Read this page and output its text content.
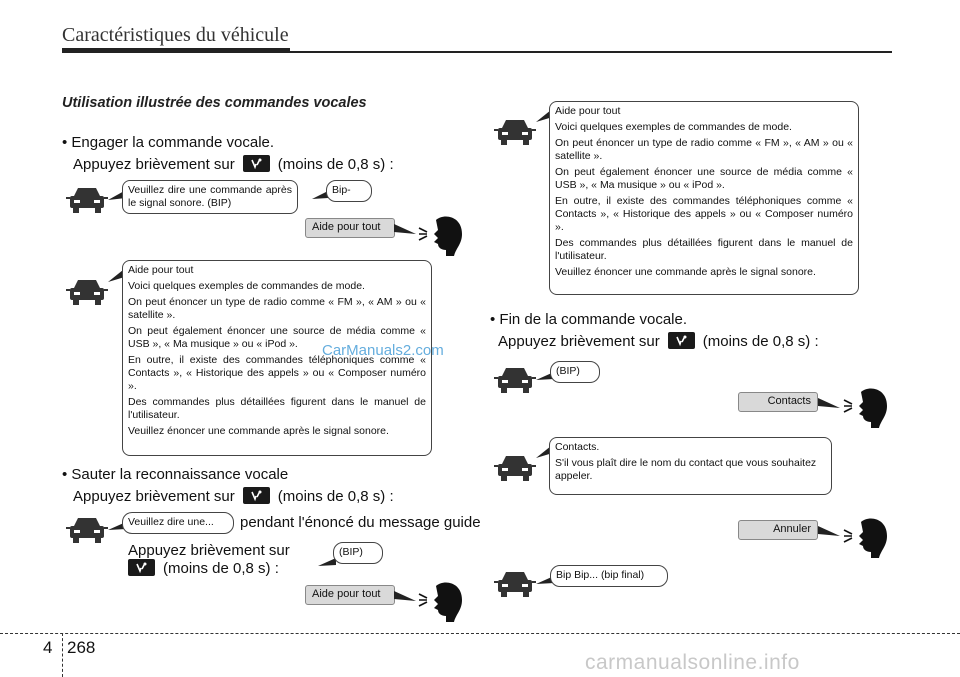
Caractéristiques du véhicule
Utilisation illustrée des commandes vocales
• Engager la commande vocale.
Appuyez brièvement sur	(moins de 0,8 s) :
Veuillez dire une commande après le signal sonore. (BIP)
Bip-
Aide pour tout

Aide pour tout

Voici quelques exemples de commandes de mode.

On peut énoncer un type de radio comme « FM », « AM » ou « satellite ».

On peut également énoncer une source de média comme « USB », « Ma musique » ou « iPod ».

En outre, il existe des commandes téléphoniques comme « Contacts », « Historique des appels » ou « Composer numéro ».

Des commandes plus détaillées figurent dans le manuel de l'utilisateur.

Veuillez énoncer une commande après le signal sonore.

CarManuals2.com
• Sauter la reconnaissance vocale
Appuyez brièvement sur	(moins de 0,8 s) :
Veuillez dire une...	pendant l'énoncé du message guide
Appuyez brièvement sur
(moins de 0,8 s) :
(BIP)
Aide pour tout

Aide pour tout

Voici quelques exemples de commandes de mode.

On peut énoncer un type de radio comme « FM », « AM » ou « satellite ».

On peut également énoncer une source de média comme « USB », « Ma musique » ou « iPod ».

En outre, il existe des commandes téléphoniques comme « Contacts », « Historique des appels » ou « Composer numéro ».

Des commandes plus détaillées figurent dans le manuel de l'utilisateur.

Veuillez énoncer une commande après le signal sonore.

• Fin de la commande vocale.
Appuyez brièvement sur	(moins de 0,8 s) :
(BIP)
Contacts

Contacts.

S'il vous plaît dire le nom du contact que vous souhaitez appeler.

Annuler
Bip Bip... (bip final)
4 268
carmanualsonline.info
